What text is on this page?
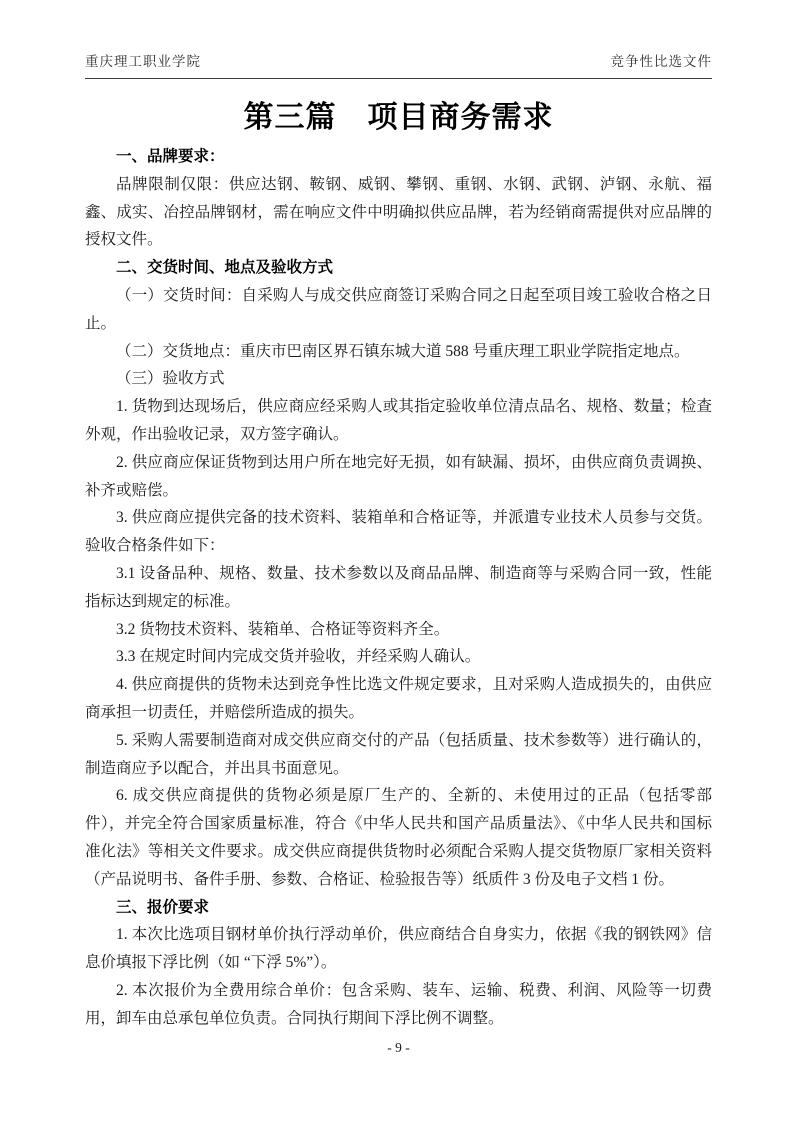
重庆理工职业学院	竞争性比选文件
第三篇　项目商务需求
一、品牌要求：

品牌限制仅限：供应达钢、鞍钢、威钢、攀钢、重钢、水钢、武钢、泸钢、永航、福鑫、成实、冶控品牌钢材，需在响应文件中明确拟供应品牌，若为经销商需提供对应品牌的授权文件。

二、交货时间、地点及验收方式

（一）交货时间：自采购人与成交供应商签订采购合同之日起至项目竣工验收合格之日止。

（二）交货地点：重庆市巴南区界石镇东城大道 588 号重庆理工职业学院指定地点。

（三）验收方式

1. 货物到达现场后，供应商应经采购人或其指定验收单位清点品名、规格、数量；检查外观，作出验收记录，双方签字确认。

2. 供应商应保证货物到达用户所在地完好无损，如有缺漏、损坏，由供应商负责调换、补齐或赔偿。

3. 供应商应提供完备的技术资料、装箱单和合格证等，并派遣专业技术人员参与交货。验收合格条件如下：

3.1 设备品种、规格、数量、技术参数以及商品品牌、制造商等与采购合同一致，性能指标达到规定的标准。

3.2 货物技术资料、装箱单、合格证等资料齐全。

3.3 在规定时间内完成交货并验收，并经采购人确认。

4. 供应商提供的货物未达到竞争性比选文件规定要求，且对采购人造成损失的，由供应商承担一切责任，并赔偿所造成的损失。

5. 采购人需要制造商对成交供应商交付的产品（包括质量、技术参数等）进行确认的，制造商应予以配合，并出具书面意见。

6. 成交供应商提供的货物必须是原厂生产的、全新的、未使用过的正品（包括零部件），并完全符合国家质量标准，符合《中华人民共和国产品质量法》、《中华人民共和国标准化法》等相关文件要求。成交供应商提供货物时必须配合采购人提交货物原厂家相关资料（产品说明书、备件手册、参数、合格证、检验报告等）纸质件 3 份及电子文档 1 份。

三、报价要求

1. 本次比选项目钢材单价执行浮动单价，供应商结合自身实力，依据《我的钢铁网》信息价填报下浮比例（如 “下浮 5%”）。

2. 本次报价为全费用综合单价：包含采购、装车、运输、税费、利润、风险等一切费用，卸车由总承包单位负责。合同执行期间下浮比例不调整。

- 9 -
